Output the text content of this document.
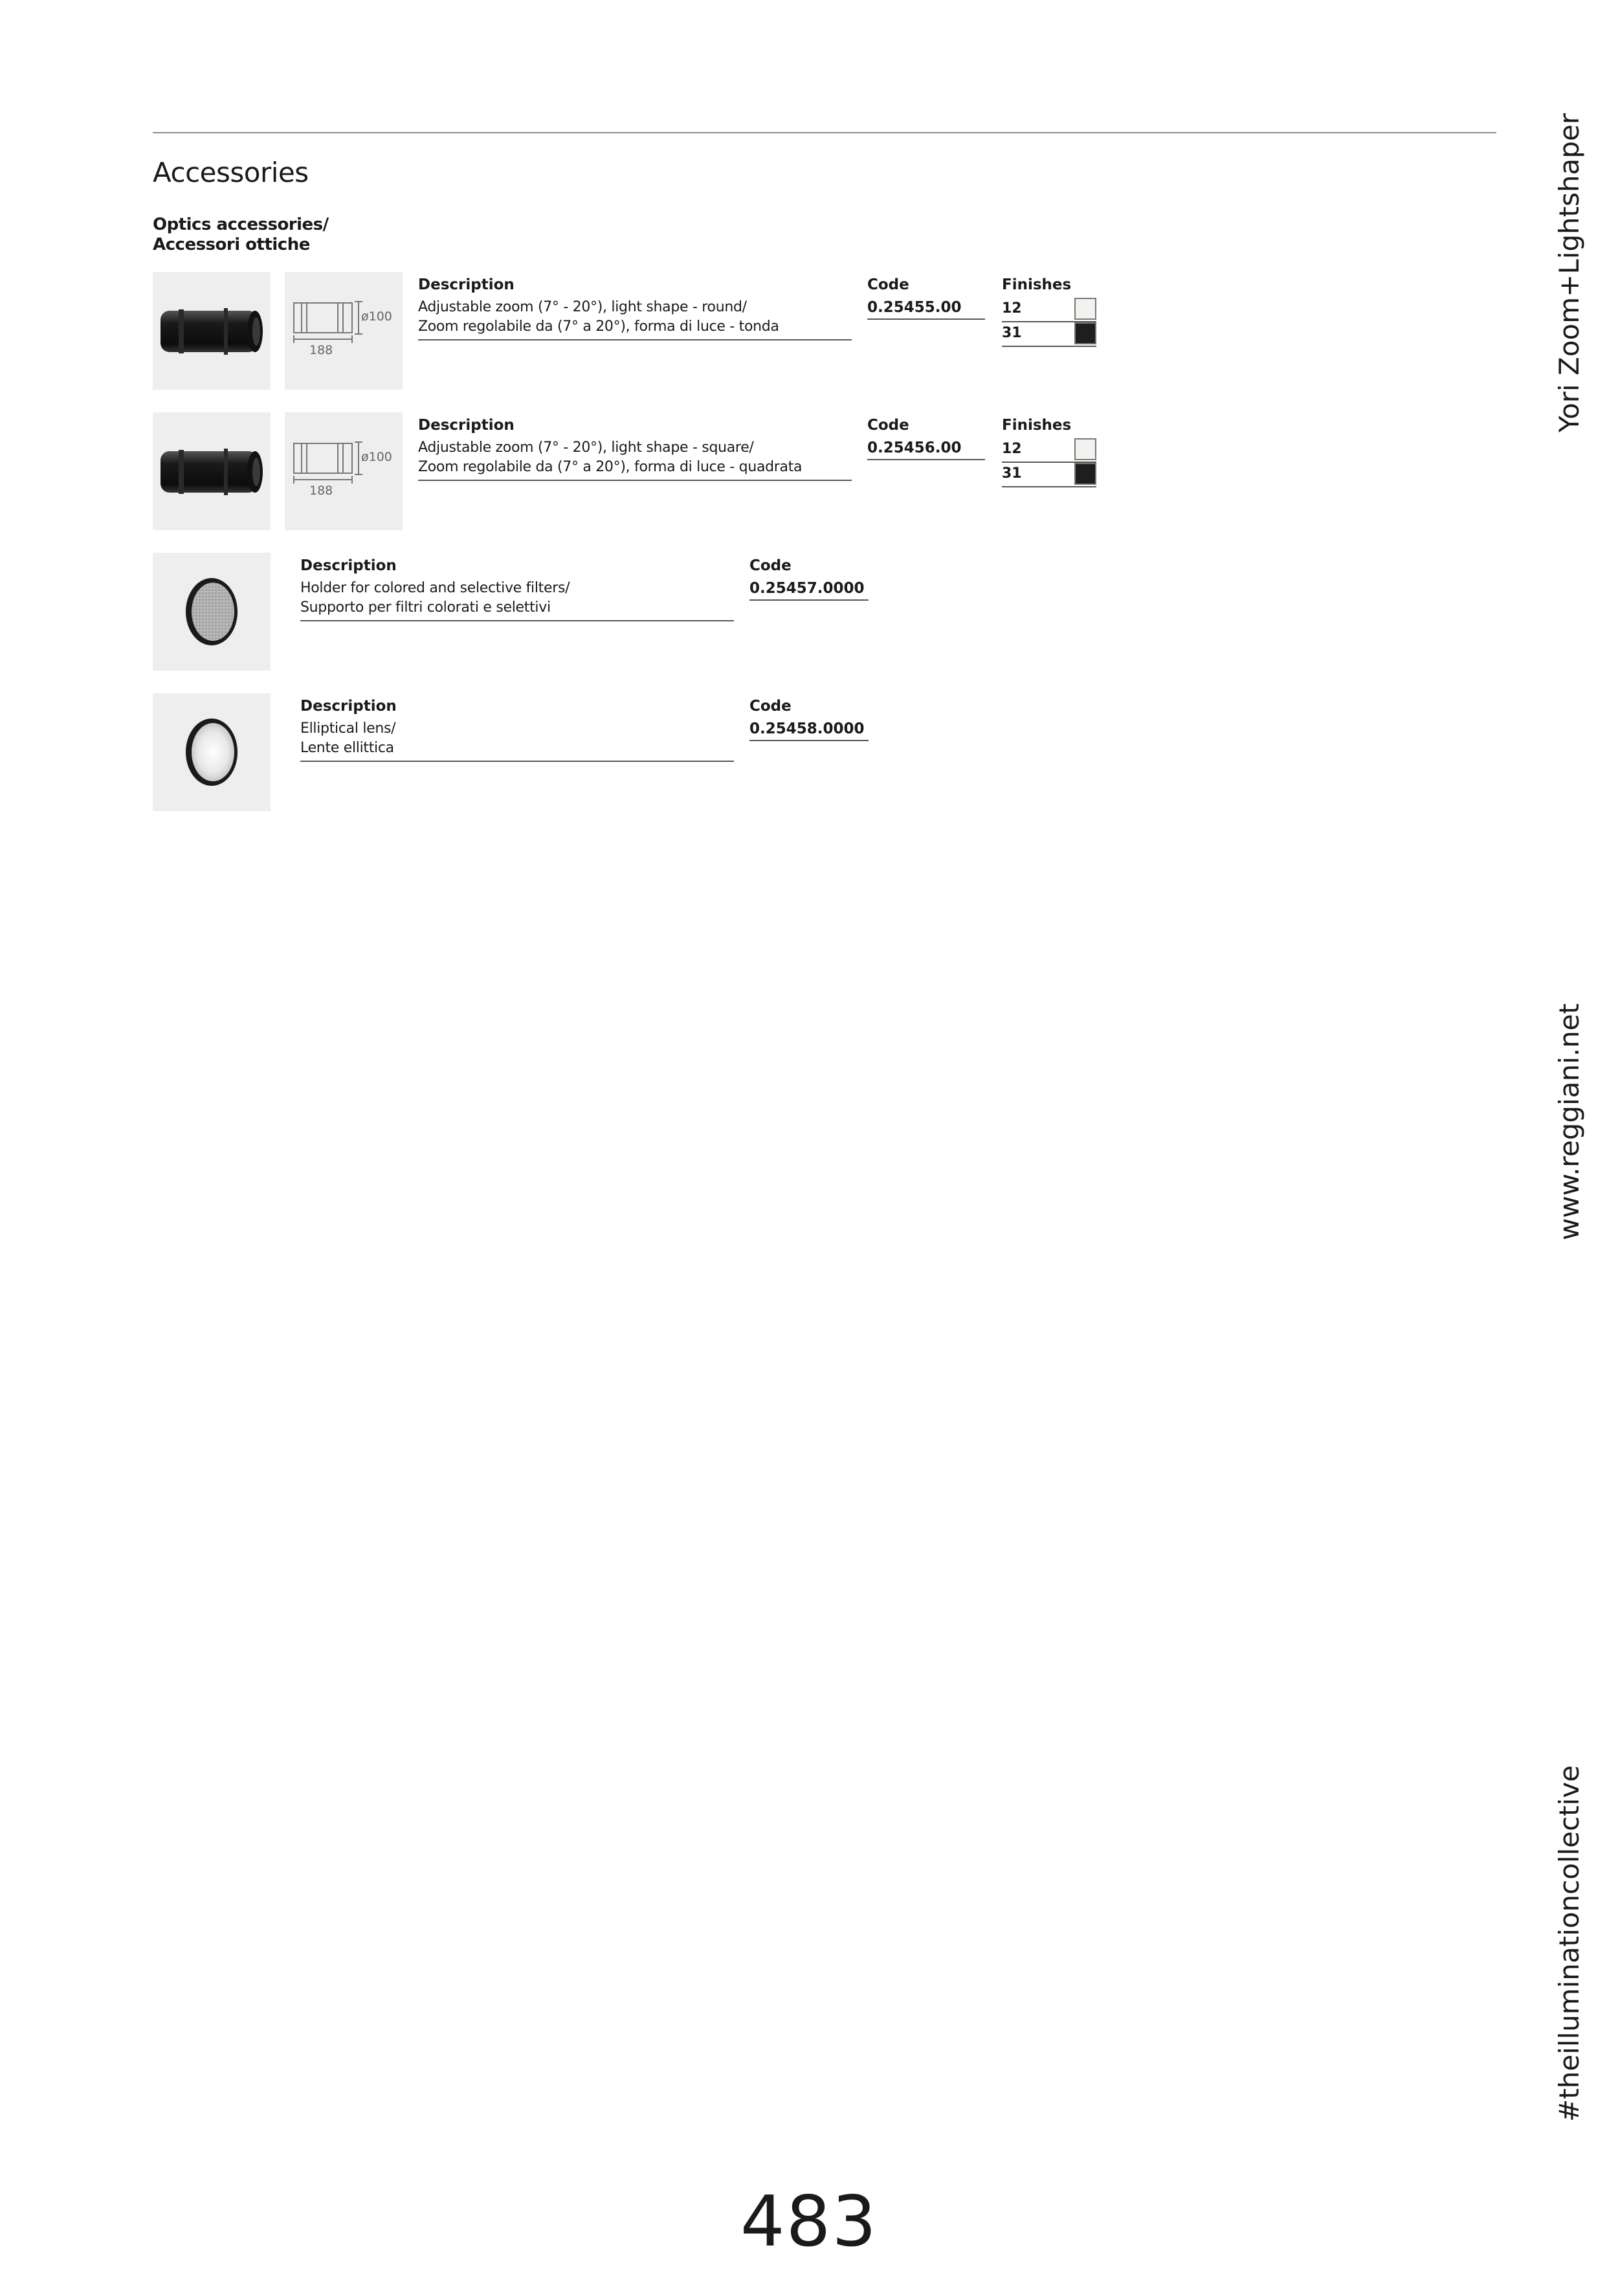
Accessories
Optics accessories/
Accessori ottiche
ø100
188
Description
Adjustable zoom (7° - 20°), light shape - round/
Zoom regolabile da (7° a 20°), forma di luce - tonda
Code
0.25455.00
Finishes
12
31
ø100
188
Description
Adjustable zoom (7° - 20°), light shape - square/
Zoom regolabile da (7° a 20°), forma di luce - quadrata
Code
0.25456.00
Finishes
12
31
Description
Holder for colored and selective filters/
Supporto per filtri colorati e selettivi
Code
0.25457.0000
Description
Elliptical lens/
Lente ellittica
Code
0.25458.0000
Yori Zoom+Lightshaper
www.reggiani.net
#theilluminationcollective
483
